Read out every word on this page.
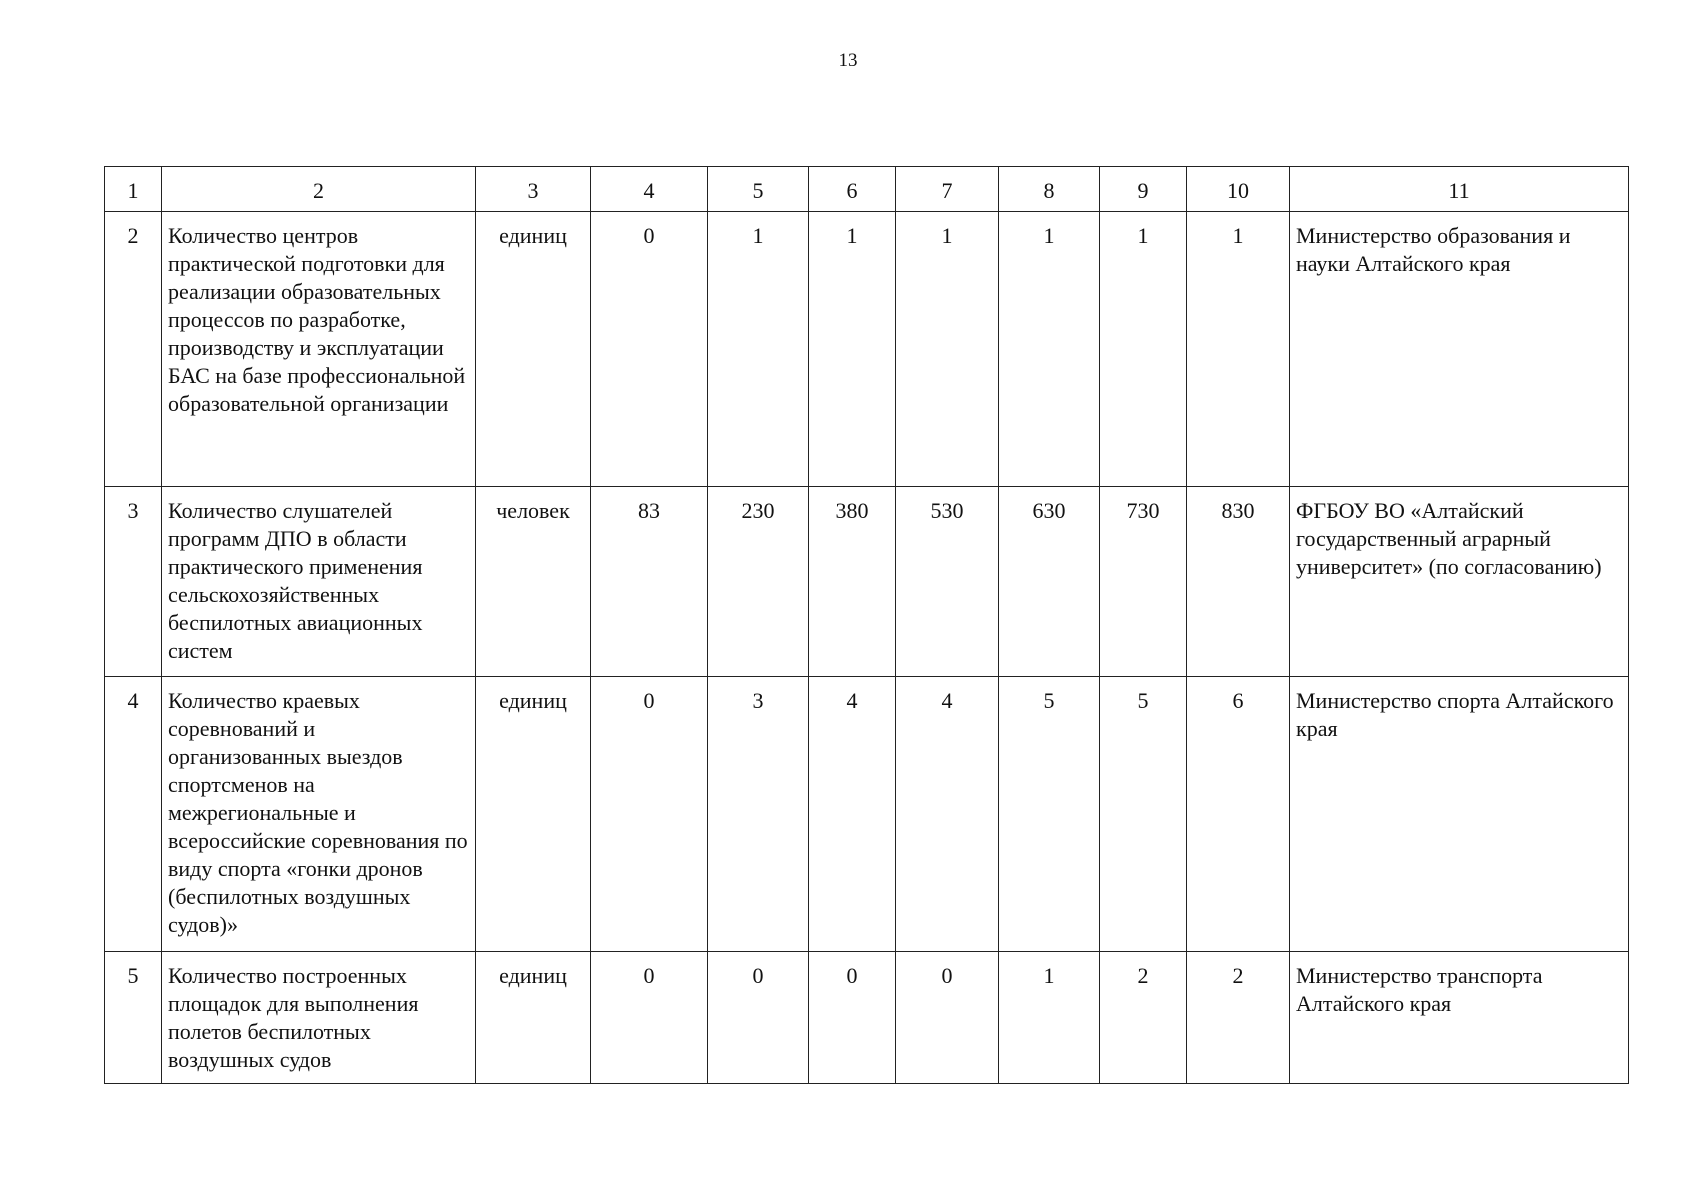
13
1	2	3	4	5	6	7	8	9	10	11
2	Количество центров практической подготовки для реализации образовательных процессов по разработке, производству и эксплуатации БАС на базе профессиональной образовательной организации	единиц	0	1	1	1	1	1	1	Министерство образования и науки Алтайского края
3	Количество слушателей программ ДПО в области практического применения сельскохозяйственных беспилотных авиационных систем	человек	83	230	380	530	630	730	830	ФГБОУ ВО «Алтайский государственный аграрный университет» (по согласованию)
4	Количество краевых соревнований и организованных выездов спортсменов на межрегиональные и всероссийские соревнования по виду спорта «гонки дронов (беспилотных воздушных судов)»	единиц	0	3	4	4	5	5	6	Министерство спорта Алтайского края
5	Количество построенных площадок для выполнения полетов беспилотных воздушных судов	единиц	0	0	0	0	1	2	2	Министерство транспорта Алтайского края
